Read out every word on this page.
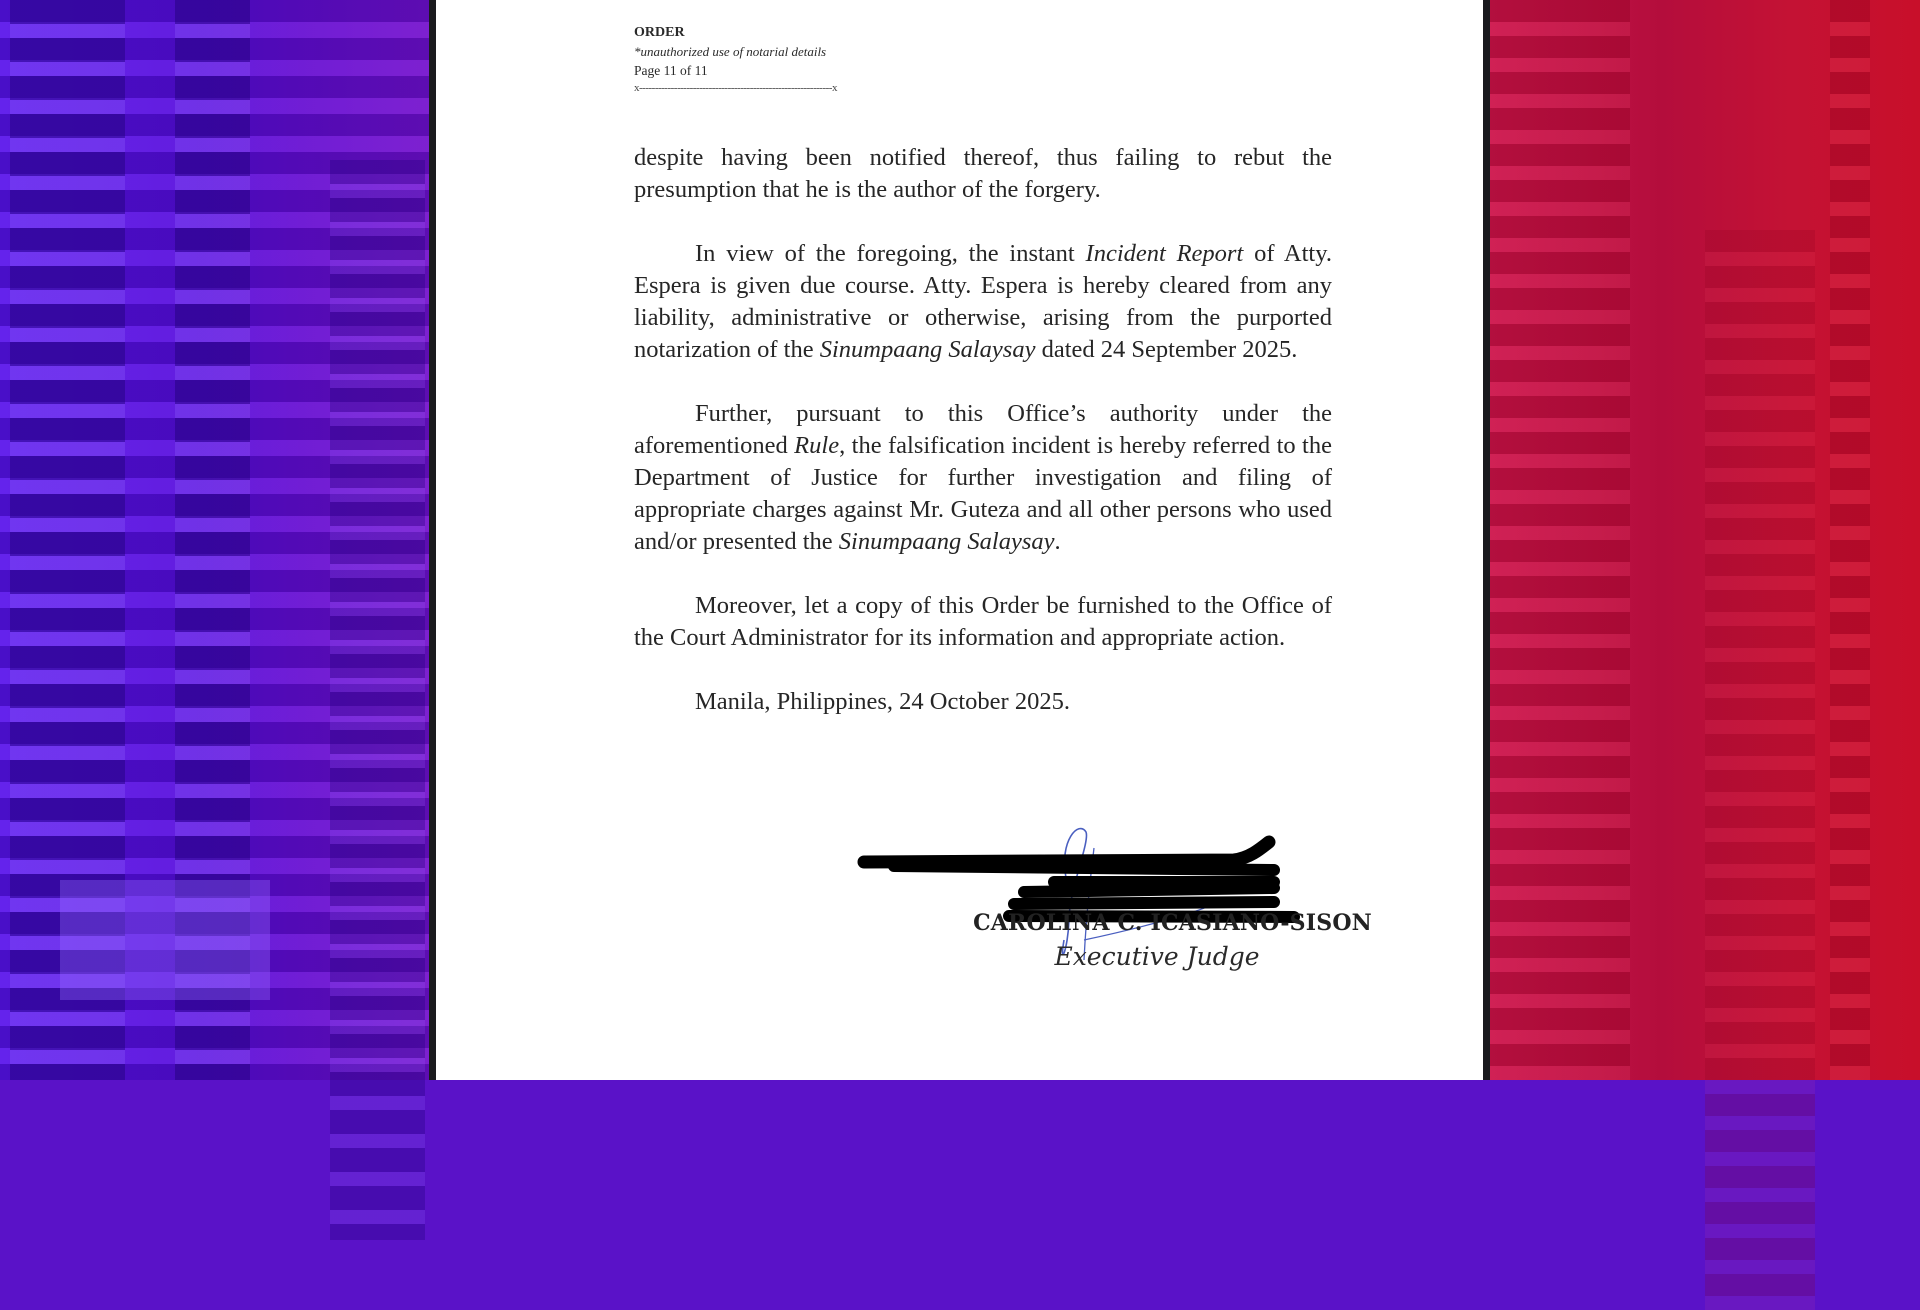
ORDER
*unauthorized use of notarial details
Page 11 of 11
x-------------------------------------------------------------x

despite having been notified thereof, thus failing to rebut the presumption that he is the author of the forgery.

In view of the foregoing, the instant Incident Report of Atty. Espera is given due course. Atty. Espera is hereby cleared from any liability, administrative or otherwise, arising from the purported notarization of the Sinumpaang Salaysay dated 24 September 2025.

Further, pursuant to this Office’s authority under the aforementioned Rule, the falsification incident is hereby referred to the Department of Justice for further investigation and filing of appropriate charges against Mr. Guteza and all other persons who used and/or presented the Sinumpaang Salaysay.

Moreover, let a copy of this Order be furnished to the Office of the Court Administrator for its information and appropriate action.

Manila, Philippines, 24 October 2025.

CAROLINA C. ICASIANO-SISON
Executive Judge
